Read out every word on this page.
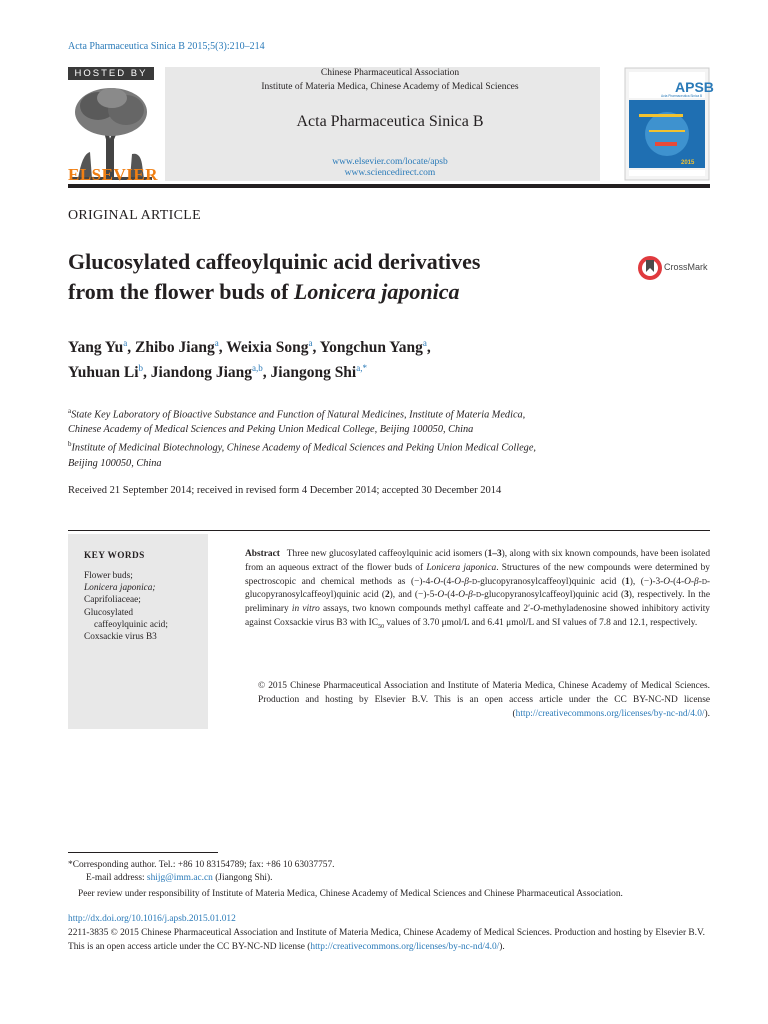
Acta Pharmaceutica Sinica B 2015;5(3):210–214
HOSTED BY
ELSEVIER
Chinese Pharmaceutical Association
Institute of Materia Medica, Chinese Academy of Medical Sciences
Acta Pharmaceutica Sinica B
www.elsevier.com/locate/apsb
www.sciencedirect.com
APSB
Acta Pharmaceutica Sinica B
2015
ORIGINAL ARTICLE
Glucosylated caffeoylquinic acid derivatives
from the flower buds of Lonicera japonica
CrossMark
Yang Yu$^a$, Zhibo Jiang$^a$, Weixia Song$^a$, Yongchun Yang$^a$,
Yuhuan Li$^b$, Jiandong Jiang$^{a,b}$, Jiangong Shi$^{a,*}$
$^a$State Key Laboratory of Bioactive Substance and Function of Natural Medicines, Institute of Materia Medica,
Chinese Academy of Medical Sciences and Peking Union Medical College, Beijing 100050, China
$^b$Institute of Medicinal Biotechnology, Chinese Academy of Medical Sciences and Peking Union Medical College,
Beijing 100050, China
Received 21 September 2014; received in revised form 4 December 2014; accepted 30 December 2014
KEY WORDS
Flower buds;
Lonicera japonica;
Caprifoliaceae;
Glucosylated
caffeoylquinic acid;
Coxsackie virus B3
Abstract Three new glucosylated caffeoylquinic acid isomers (1–3), along with six known compounds, have been isolated from an aqueous extract of the flower buds of Lonicera japonica. Structures of the new compounds were determined by spectroscopic and chemical methods as (−)-4-O-(4-O-β-D-glucopyranosylcaffeoyl)quinic acid (1), (−)-3-O-(4-O-β-D-glucopyranosylcaffeoyl)quinic acid (2), and (−)-5-O-(4-O-β-D-glucopyranosylcaffeoyl)quinic acid (3), respectively. In the preliminary in vitro assays, two known compounds methyl caffeate and 2′-O-methyladenosine showed inhibitory activity against Coxsackie virus B3 with $IC_{50}$ values of 3.70 μmol/L and 6.41 μmol/L and SI values of 7.8 and 12.1, respectively.
© 2015 Chinese Pharmaceutical Association and Institute of Materia Medica, Chinese Academy of Medical Sciences. Production and hosting by Elsevier B.V. This is an open access article under the CC BY-NC-ND license (http://creativecommons.org/licenses/by-nc-nd/4.0/).
*Corresponding author. Tel.: +86 10 83154789; fax: +86 10 63037757.
E-mail address: shijg@imm.ac.cn (Jiangong Shi).
Peer review under responsibility of Institute of Materia Medica, Chinese Academy of Medical Sciences and Chinese Pharmaceutical Association.
http://dx.doi.org/10.1016/j.apsb.2015.01.012
2211-3835 © 2015 Chinese Pharmaceutical Association and Institute of Materia Medica, Chinese Academy of Medical Sciences. Production and hosting by Elsevier B.V. This is an open access article under the CC BY-NC-ND license (http://creativecommons.org/licenses/by-nc-nd/4.0/).
